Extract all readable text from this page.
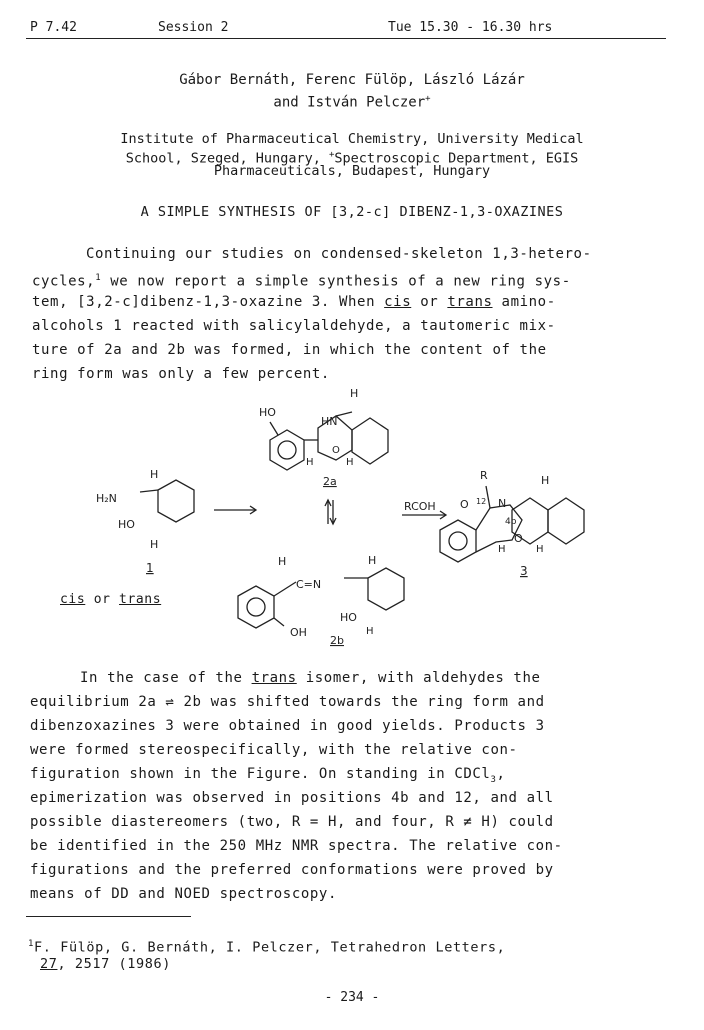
P 7.42	Session 2	Tue 15.30 - 16.30 hrs
Gábor Bernáth, Ferenc Fülöp, László Lázár
and István Pelczer+
Institute of Pharmaceutical Chemistry, University Medical
School, Szeged, Hungary, +Spectroscopic Department, EGIS
Pharmaceuticals, Budapest, Hungary
A SIMPLE SYNTHESIS OF [3,2-c] DIBENZ-1,3-OXAZINES
Continuing our studies on condensed-skeleton 1,3-hetero-
cycles,$^1$ we now report a simple synthesis of a new ring sys-
tem, [3,2-c]dibenz-1,3-oxazine 3. When cis or trans amino-
alcohols 1 reacted with salicylaldehyde, a tautomeric mix-
ture of 2a and 2b was formed, in which the content of the
ring form was only a few percent.
HO
HN
H
O
H	H
2a
H₂N
H
HO
H
1
RCOH
R
O 12 N
4b
O
H	H
H
3
H
C=N
H
HO
OH	H
2b
cis or trans
In the case of the trans isomer, with aldehydes the
equilibrium 2a ⇌ 2b was shifted towards the ring form and
dibenzoxazines 3 were obtained in good yields. Products 3
were formed stereospecifically, with the relative con-
figuration shown in the Figure. On standing in CDCl$_3$,
epimerization was observed in positions 4b and 12, and all
possible diastereomers (two, R = H, and four, R ≠ H) could
be identified in the 250 MHz NMR spectra. The relative con-
figurations and the preferred conformations were proved by
means of DD and NOED spectroscopy.
$^1$F. Fülöp, G. Bernáth, I. Pelczer, Tetrahedron Letters,
27, 2517 (1986)
- 234 -
